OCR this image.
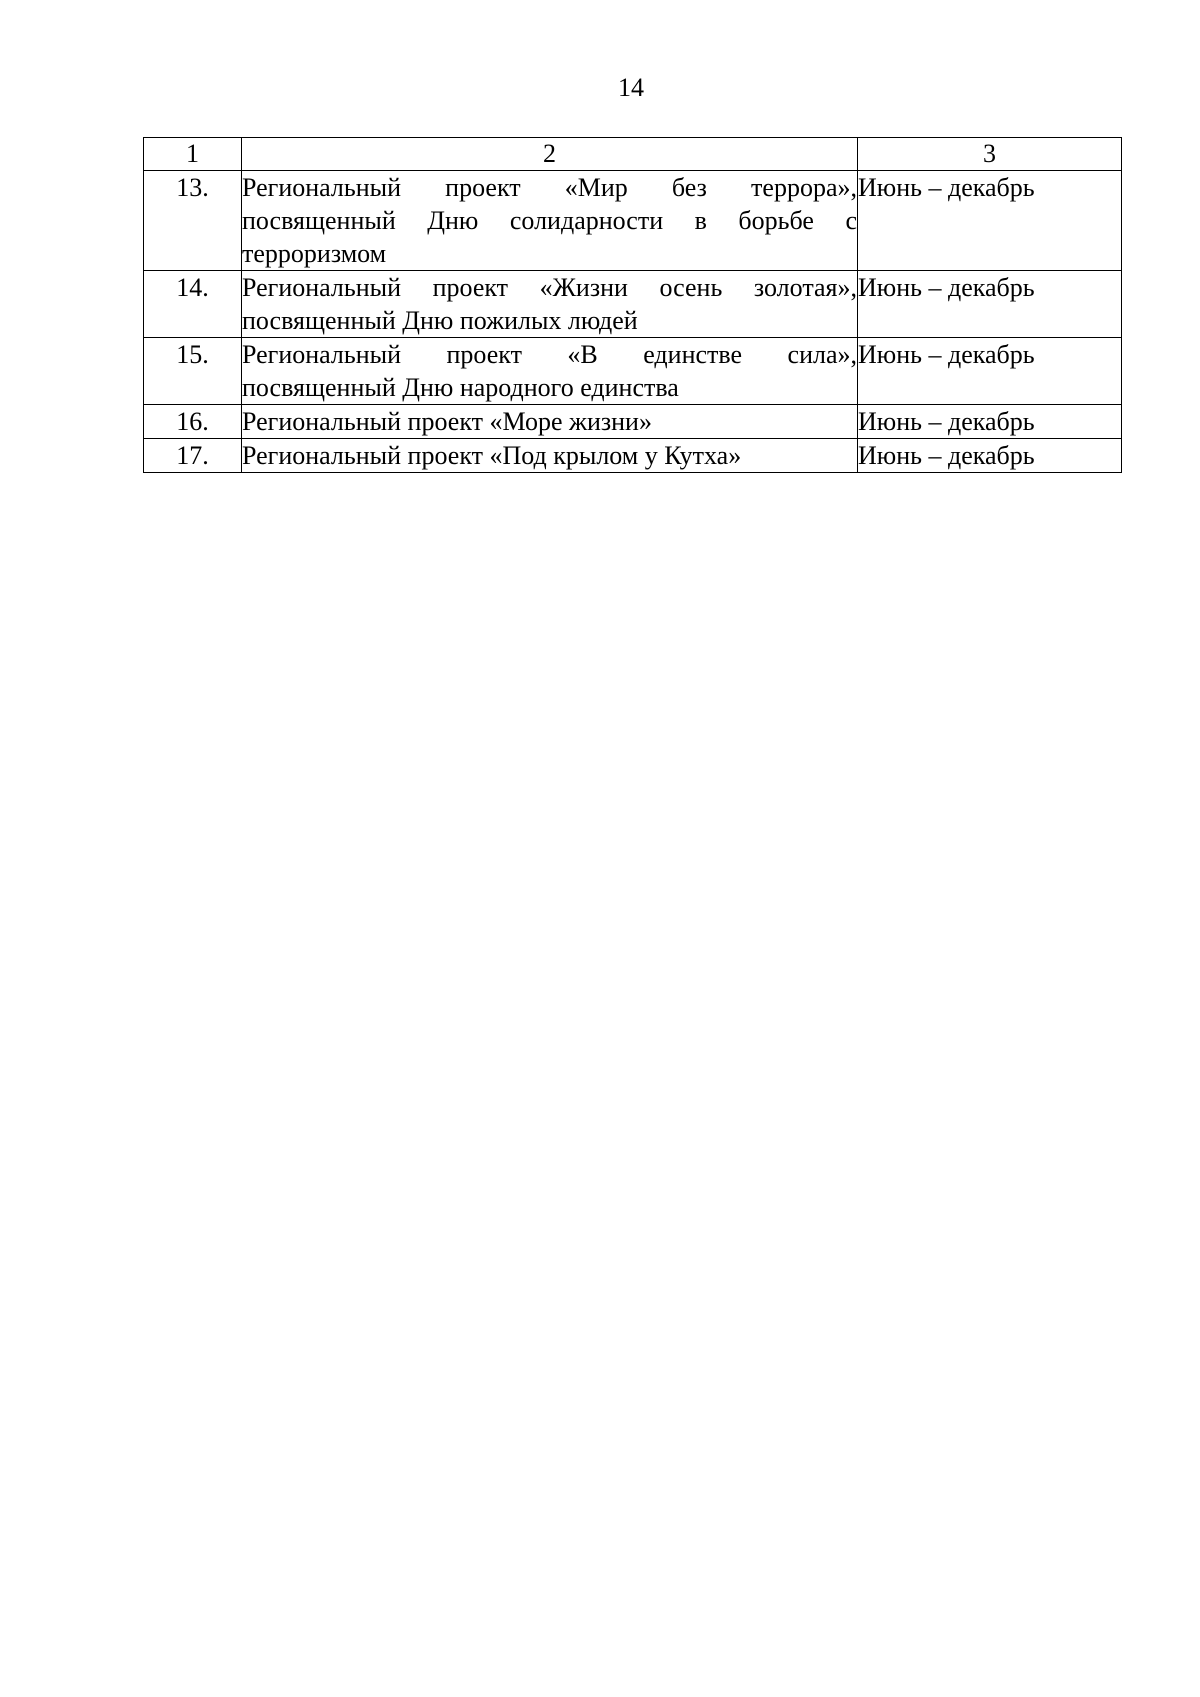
14
1	2	3
13.	Региональный проект «Мир без террора», посвященный Дню солидарности в борьбе с терроризмом	Июнь – декабрь
14.	Региональный проект «Жизни осень золотая», посвященный Дню пожилых людей	Июнь – декабрь
15.	Региональный проект «В единстве сила», посвященный Дню народного единства	Июнь – декабрь
16.	Региональный проект «Море жизни»	Июнь – декабрь
17.	Региональный проект «Под крылом у Кутха»	Июнь – декабрь
